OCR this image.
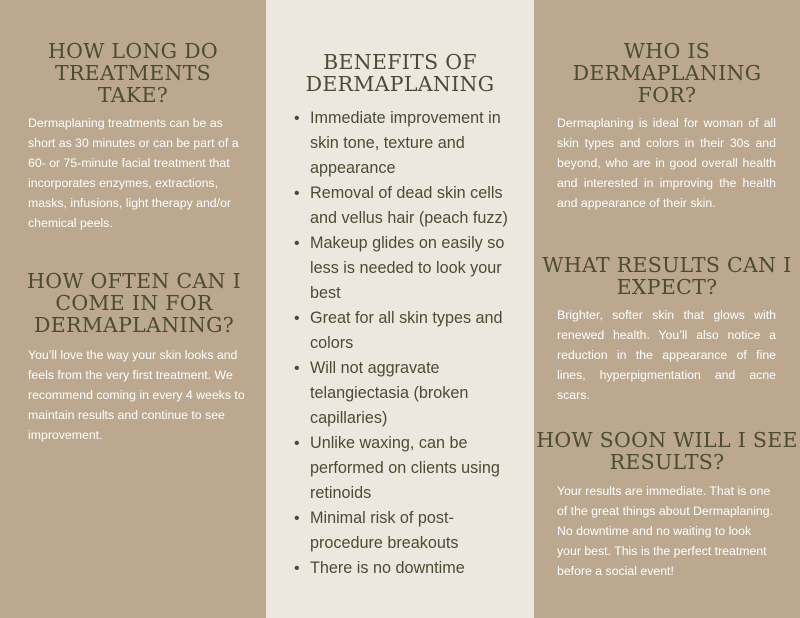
HOW LONG DO TREATMENTS TAKE?

Dermaplaning treatments can be as short as 30 minutes or can be part of a 60- or 75-minute facial treatment that incorporates enzymes, extractions, masks, infusions, light therapy and/or chemical peels.

HOW OFTEN CAN I COME IN FOR DERMAPLANING?

You’ll love the way your skin looks and feels from the very first treatment. We recommend coming in every 4 weeks to maintain results and continue to see improvement.

BENEFITS OF DERMAPLANING
• Immediate improvement in skin tone, texture and appearance
• Removal of dead skin cells and vellus hair (peach fuzz)
• Makeup glides on easily so less is needed to look your best
• Great for all skin types and colors
• Will not aggravate telangiectasia (broken capillaries)
• Unlike waxing, can be performed on clients using retinoids
• Minimal risk of post-procedure breakouts
• There is no downtime
WHO IS DERMAPLANING FOR?

Dermaplaning is ideal for woman of all skin types and colors in their 30s and beyond, who are in good overall health and interested in improving the health and appearance of their skin.

WHAT RESULTS CAN I EXPECT?

Brighter, softer skin that glows with renewed health. You’ll also notice a reduction in the appearance of fine lines, hyperpigmentation and acne scars.

HOW SOON WILL I SEE RESULTS?

Your results are immediate. That is one of the great things about Dermaplaning. No downtime and no waiting to look your best. This is the perfect treatment before a social event!
